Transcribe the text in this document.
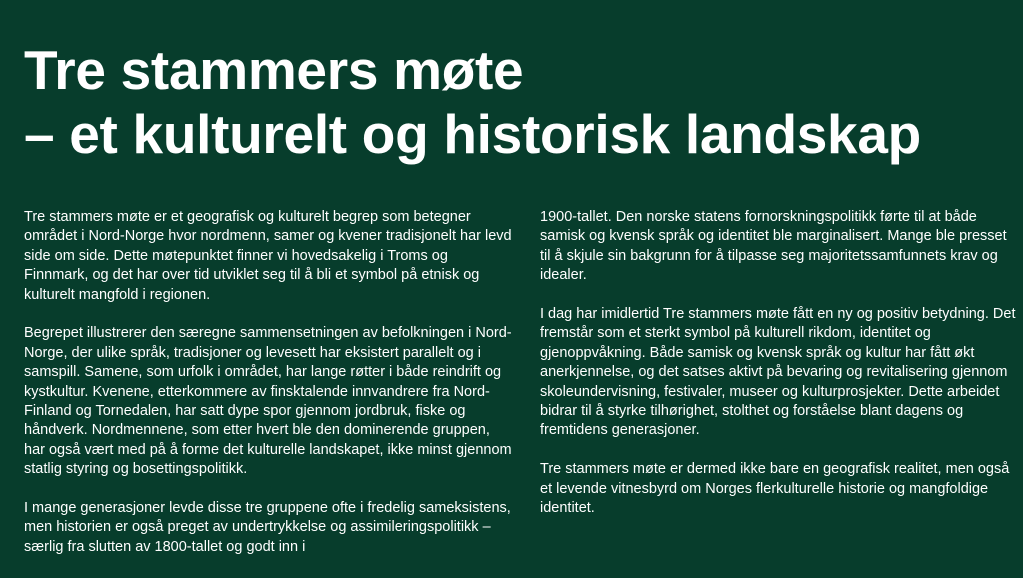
Tre stammers møte
– et kulturelt og historisk landskap

Tre stammers møte er et geografisk og kulturelt begrep som betegner området i Nord-Norge hvor nordmenn, samer og kvener tradisjonelt har levd side om side. Dette møtepunktet finner vi hovedsakelig i Troms og Finnmark, og det har over tid utviklet seg til å bli et symbol på etnisk og kulturelt mangfold i regionen.

Begrepet illustrerer den særegne sammensetningen av befolkningen i Nord-Norge, der ulike språk, tradisjoner og levesett har eksistert parallelt og i samspill. Samene, som urfolk i området, har lange røtter i både reindrift og kystkultur. Kvenene, etterkommere av finsktalende innvandrere fra Nord-Finland og Tornedalen, har satt dype spor gjennom jordbruk, fiske og håndverk. Nordmennene, som etter hvert ble den dominerende gruppen, har også vært med på å forme det kulturelle landskapet, ikke minst gjennom statlig styring og bosettingspolitikk.

I mange generasjoner levde disse tre gruppene ofte i fredelig sameksistens, men historien er også preget av undertrykkelse og assimileringspolitikk – særlig fra slutten av 1800-tallet og godt inn i

1900-tallet. Den norske statens fornorskningspolitikk førte til at både samisk og kvensk språk og identitet ble marginalisert. Mange ble presset til å skjule sin bakgrunn for å tilpasse seg majoritetssamfunnets krav og idealer.

I dag har imidlertid Tre stammers møte fått en ny og positiv betydning. Det fremstår som et sterkt symbol på kulturell rikdom, identitet og gjenoppvåkning. Både samisk og kvensk språk og kultur har fått økt anerkjennelse, og det satses aktivt på bevaring og revitalisering gjennom skoleundervisning, festivaler, museer og kulturprosjekter. Dette arbeidet bidrar til å styrke tilhørighet, stolthet og forståelse blant dagens og fremtidens generasjoner.

Tre stammers møte er dermed ikke bare en geografisk realitet, men også et levende vitnesbyrd om Norges flerkulturelle historie og mangfoldige identitet.
